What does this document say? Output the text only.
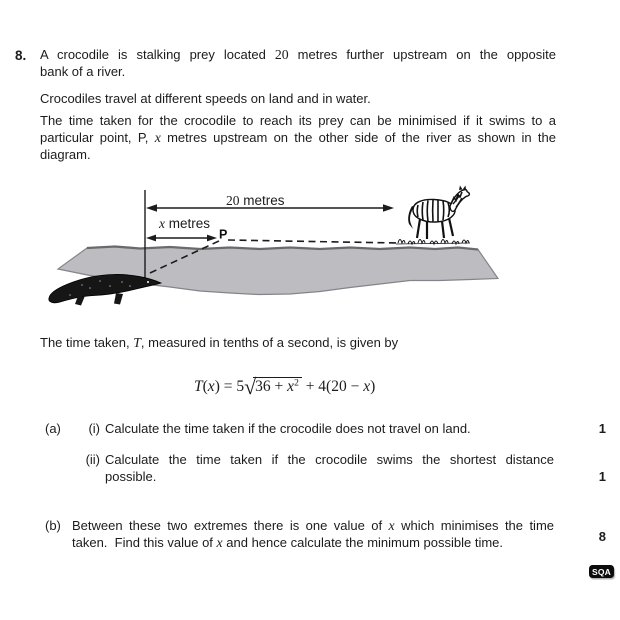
8. A crocodile is stalking prey located 20 metres further upstream on the opposite
bank of a river.
Crocodiles travel at different speeds on land and in water.
The time taken for the crocodile to reach its prey can be minimised if it swims to a
particular point, P, x metres upstream on the other side of the river as shown in the
diagram.
20 metres
x metres
P
The time taken, T, measured in tenths of a second, is given by
$T(x) = 5√36 + x^2 + 4(20 - x)$
(a)	(i) Calculate the time taken if the crocodile does not travel on land.	1
(ii) Calculate the time taken if the crocodile swims the shortest distance
possible.	1
(b) Between these two extremes there is one value of x which minimises the time
taken.  Find this value of x and hence calculate the minimum possible time.	8
SQA
